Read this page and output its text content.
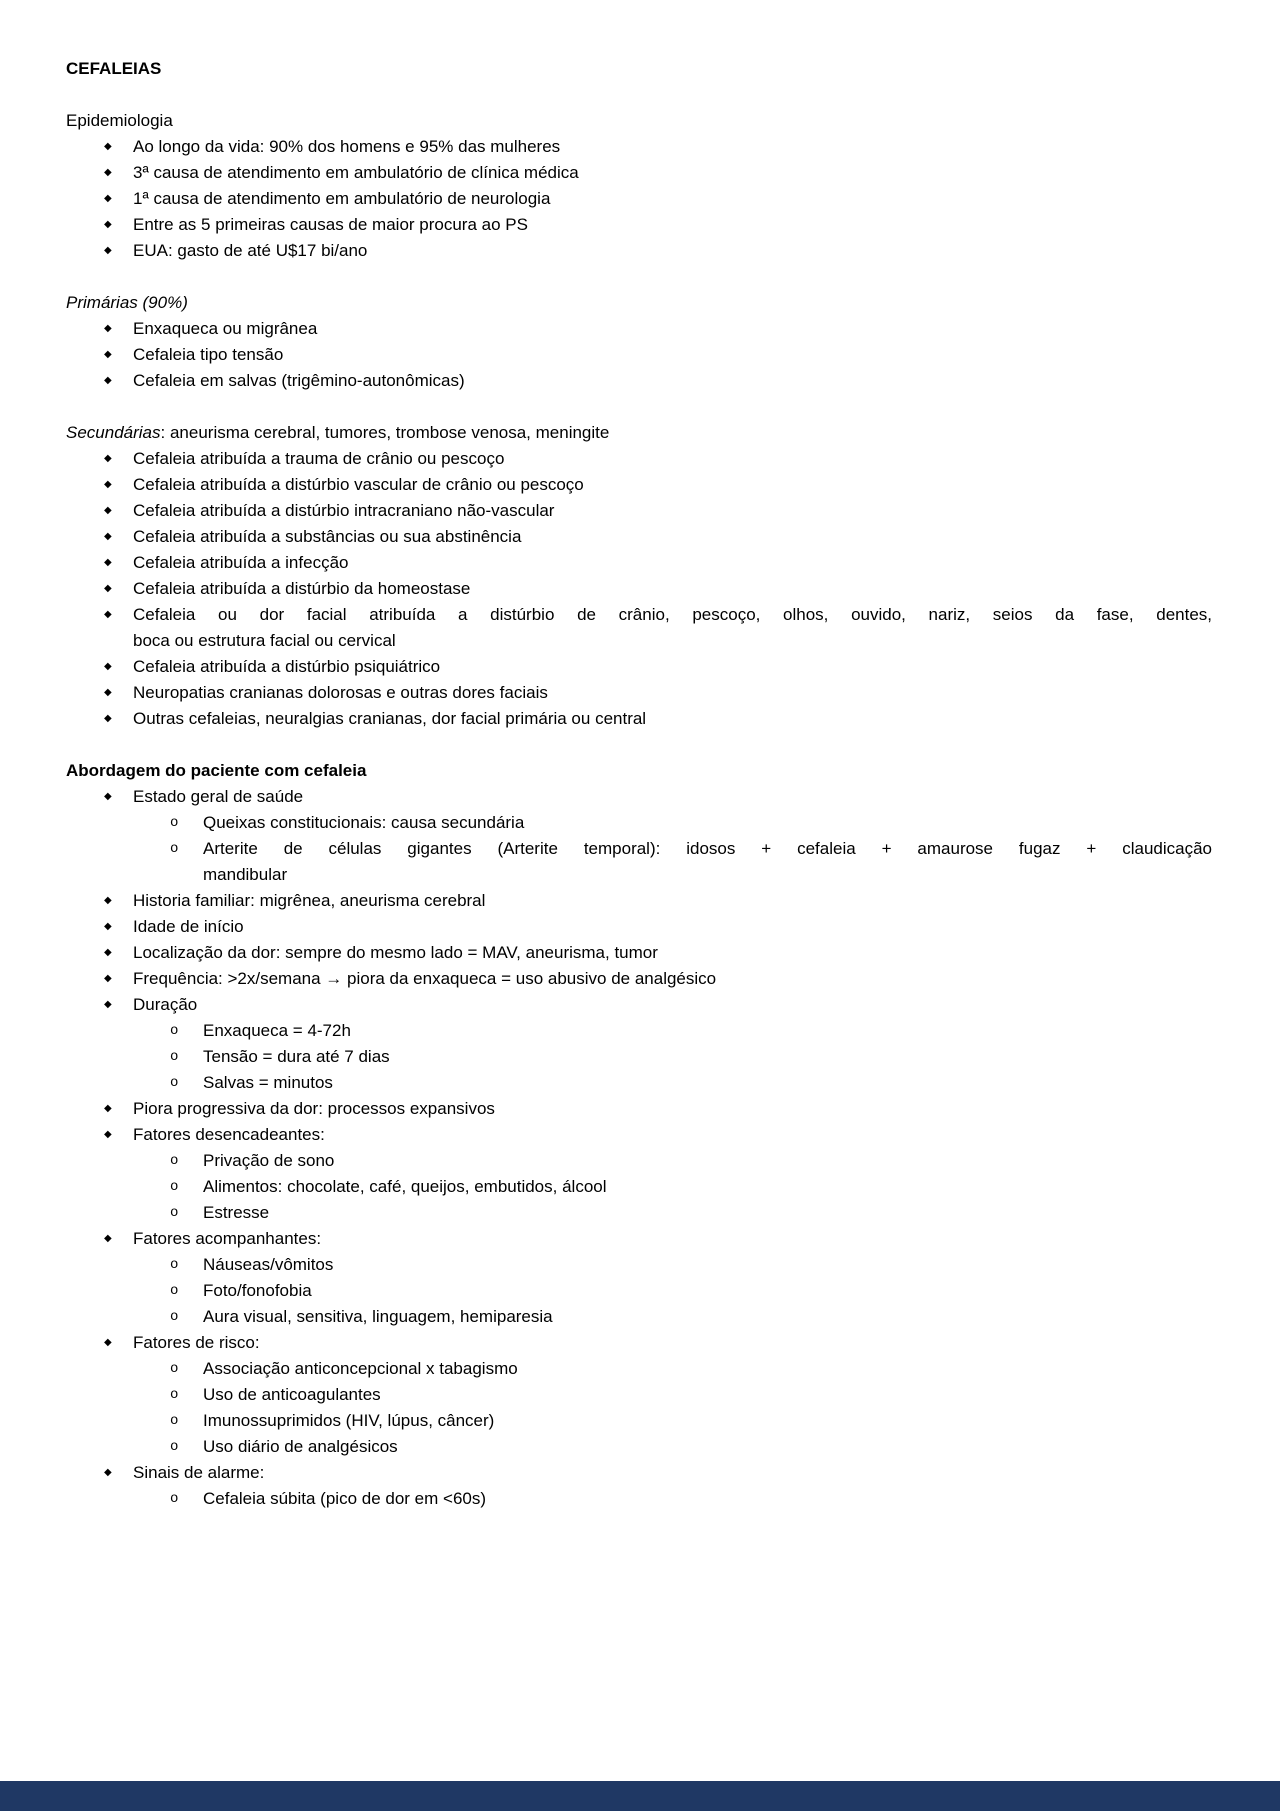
CEFALEIAS
Epidemiologia
◆ Ao longo da vida: 90% dos homens e 95% das mulheres
◆ 3ª causa de atendimento em ambulatório de clínica médica
◆ 1ª causa de atendimento em ambulatório de neurologia
◆ Entre as 5 primeiras causas de maior procura ao PS
◆ EUA: gasto de até U$17 bi/ano
Primárias (90%)
◆ Enxaqueca ou migrânea
◆ Cefaleia tipo tensão
◆ Cefaleia em salvas (trigêmino-autonômicas)
Secundárias: aneurisma cerebral, tumores, trombose venosa, meningite
◆ Cefaleia atribuída a trauma de crânio ou pescoço
◆ Cefaleia atribuída a distúrbio vascular de crânio ou pescoço
◆ Cefaleia atribuída a distúrbio intracraniano não-vascular
◆ Cefaleia atribuída a substâncias ou sua abstinência
◆ Cefaleia atribuída a infecção
◆ Cefaleia atribuída a distúrbio da homeostase
◆ Cefaleia ou dor facial atribuída a distúrbio de crânio, pescoço, olhos, ouvido, nariz, seios da fase, dentes,
boca ou estrutura facial ou cervical
◆ Cefaleia atribuída a distúrbio psiquiátrico
◆ Neuropatias cranianas dolorosas e outras dores faciais
◆ Outras cefaleias, neuralgias cranianas, dor facial primária ou central
Abordagem do paciente com cefaleia
◆ Estado geral de saúde
o Queixas constitucionais: causa secundária
o Arterite de células gigantes (Arterite temporal): idosos + cefaleia + amaurose fugaz + claudicação
mandibular
◆ Historia familiar: migrênea, aneurisma cerebral
◆ Idade de início
◆ Localização da dor: sempre do mesmo lado = MAV, aneurisma, tumor
◆ Frequência: >2x/semana → piora da enxaqueca = uso abusivo de analgésico
◆ Duração
o Enxaqueca = 4-72h
o Tensão = dura até 7 dias
o Salvas = minutos
◆ Piora progressiva da dor: processos expansivos
◆ Fatores desencadeantes:
o Privação de sono
o Alimentos: chocolate, café, queijos, embutidos, álcool
o Estresse
◆ Fatores acompanhantes:
o Náuseas/vômitos
o Foto/fonofobia
o Aura visual, sensitiva, linguagem, hemiparesia
◆ Fatores de risco:
o Associação anticoncepcional x tabagismo
o Uso de anticoagulantes
o Imunossuprimidos (HIV, lúpus, câncer)
o Uso diário de analgésicos
◆ Sinais de alarme:
o Cefaleia súbita (pico de dor em <60s)
